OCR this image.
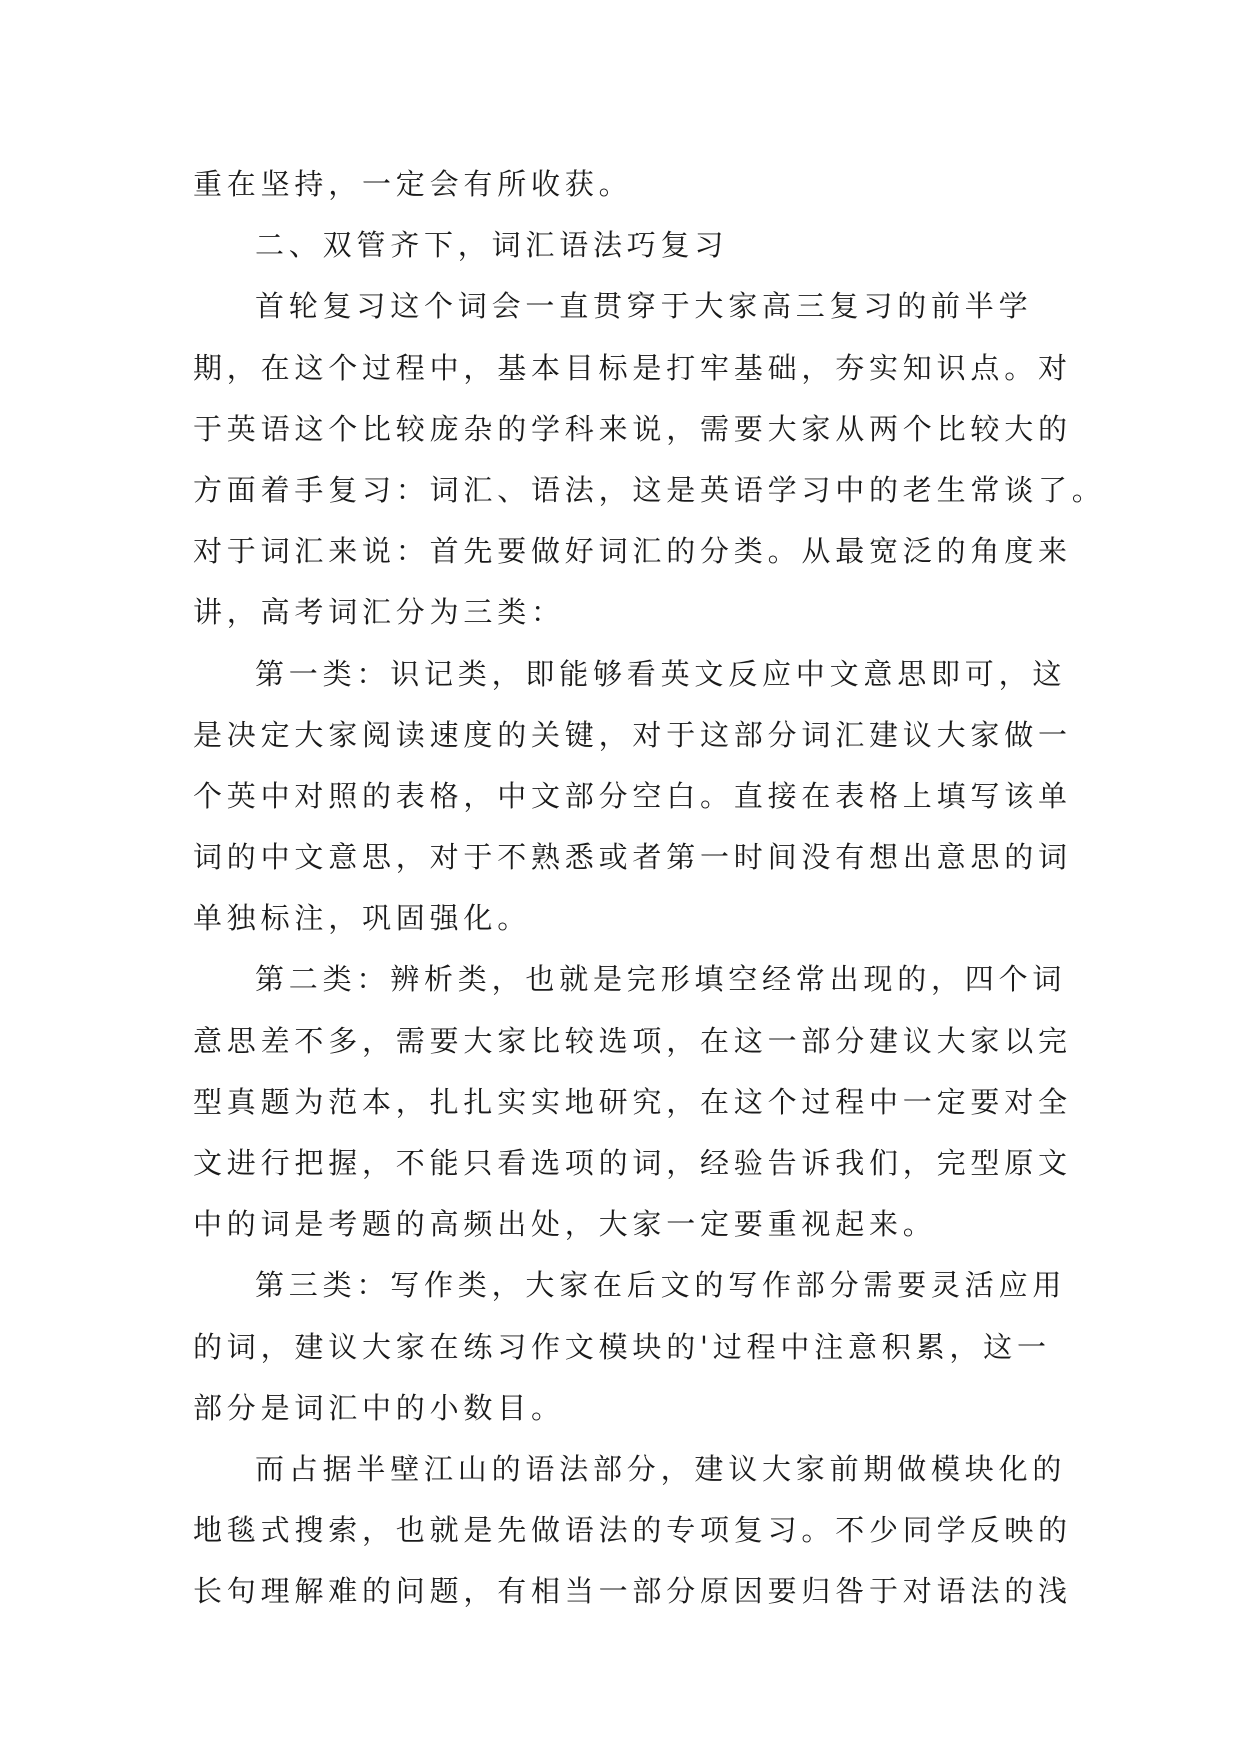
重在坚持，一定会有所收获。
二、双管齐下，词汇语法巧复习
首轮复习这个词会一直贯穿于大家高三复习的前半学
期，在这个过程中，基本目标是打牢基础，夯实知识点。对
于英语这个比较庞杂的学科来说，需要大家从两个比较大的
方面着手复习：词汇、语法，这是英语学习中的老生常谈了。
对于词汇来说：首先要做好词汇的分类。从最宽泛的角度来
讲，高考词汇分为三类：
第一类：识记类，即能够看英文反应中文意思即可，这
是决定大家阅读速度的关键，对于这部分词汇建议大家做一
个英中对照的表格，中文部分空白。直接在表格上填写该单
词的中文意思，对于不熟悉或者第一时间没有想出意思的词
单独标注，巩固强化。
第二类：辨析类，也就是完形填空经常出现的，四个词
意思差不多，需要大家比较选项，在这一部分建议大家以完
型真题为范本，扎扎实实地研究，在这个过程中一定要对全
文进行把握，不能只看选项的词，经验告诉我们，完型原文
中的词是考题的高频出处，大家一定要重视起来。
第三类：写作类，大家在后文的写作部分需要灵活应用
的词，建议大家在练习作文模块的'过程中注意积累，这一
部分是词汇中的小数目。
而占据半壁江山的语法部分，建议大家前期做模块化的
地毯式搜索，也就是先做语法的专项复习。不少同学反映的
长句理解难的问题，有相当一部分原因要归咎于对语法的浅
